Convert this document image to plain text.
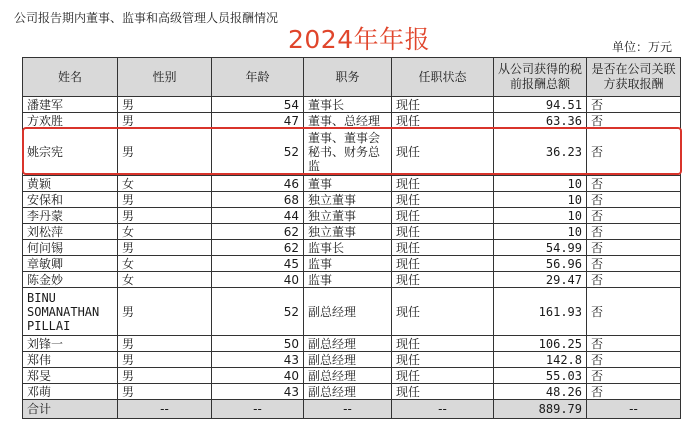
公司报告期内董事、监事和高级管理人员报酬情况
2024年年报	单位：万元
姓名	性别	年龄	职务	任职状态	从公司获得的税前报酬总额	是否在公司关联方获取报酬
潘建军	男	54	董事长	现任	94.51	否
方欢胜	男	47	董事、总经理	现任	63.36	否
姚宗宪	男	52	董事、董事会秘书、财务总监	现任	36.23	否
黄颖	女	46	董事	现任	10	否
安保和	男	68	独立董事	现任	10	否
李丹蒙	男	44	独立董事	现任	10	否
刘松萍	女	62	独立董事	现任	10	否
何问锡	男	62	监事长	现任	54.99	否
章敏卿	女	45	监事	现任	56.96	否
陈金妙	女	40	监事	现任	29.47	否
BINU SOMANATHAN PILLAI	男	52	副总经理	现任	161.93	否
刘锋一	男	50	副总经理	现任	106.25	否
郑伟	男	43	副总经理	现任	142.8	否
郑旻	男	40	副总经理	现任	55.03	否
邓萌	男	43	副总经理	现任	48.26	否
合计	--	--	--	--	889.79	--
